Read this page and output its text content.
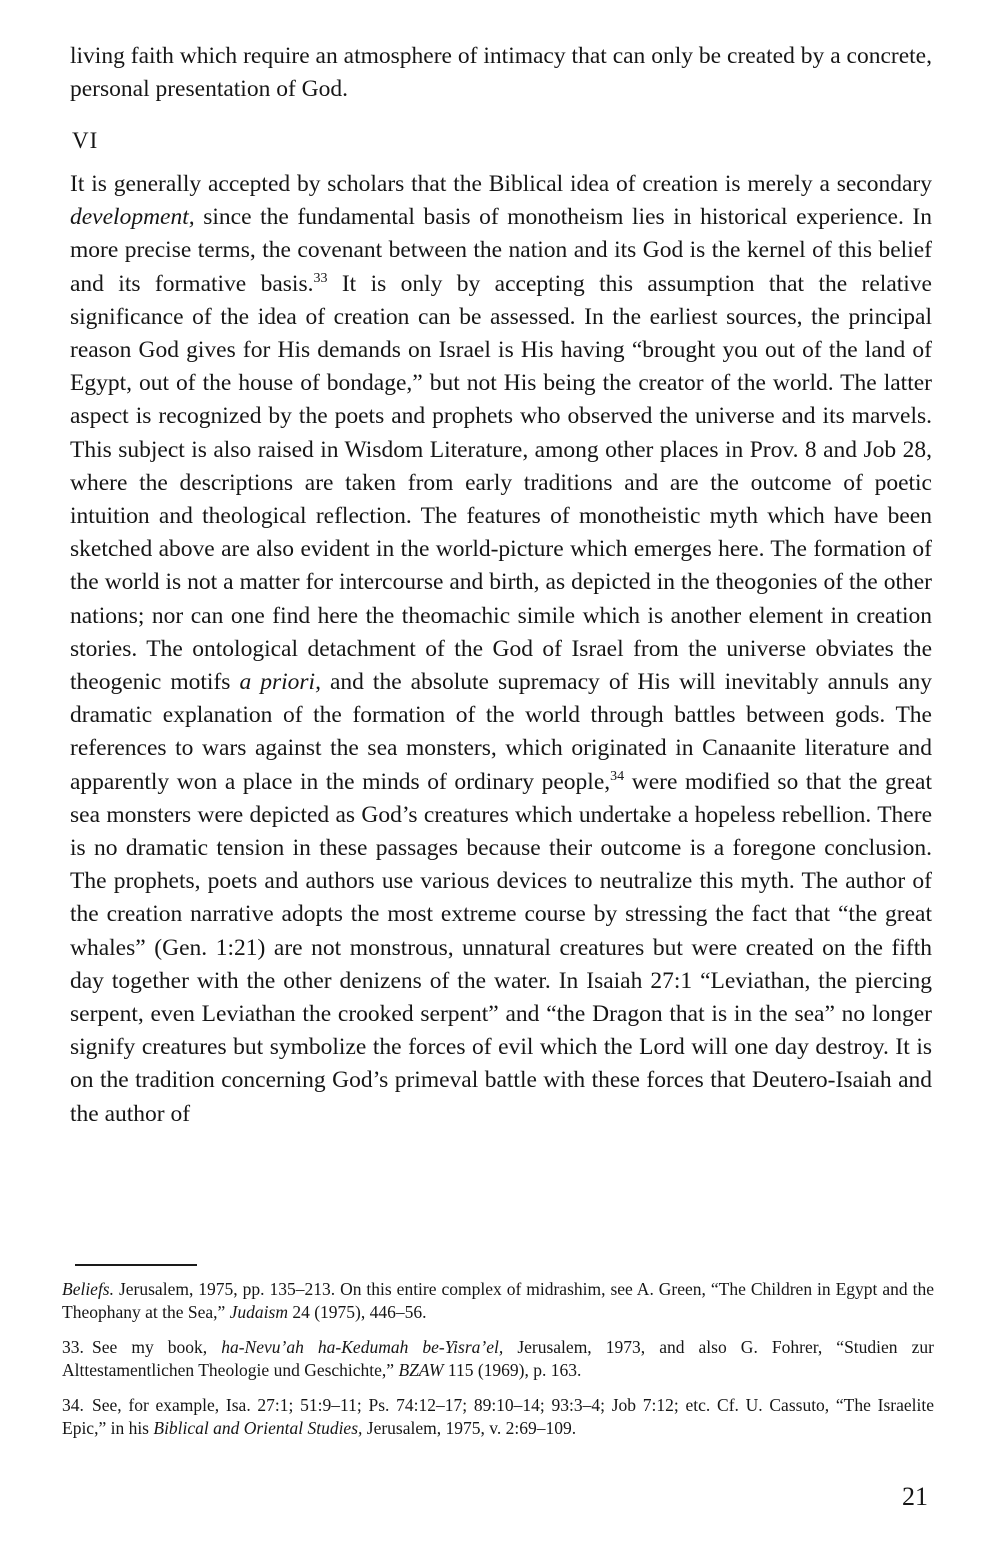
living faith which require an atmosphere of intimacy that can only be created by a concrete, personal presentation of God.
VI
It is generally accepted by scholars that the Biblical idea of creation is merely a secondary development, since the fundamental basis of monotheism lies in historical experience. In more precise terms, the covenant between the nation and its God is the kernel of this belief and its formative basis.$^{33}$ It is only by accepting this assumption that the relative significance of the idea of creation can be assessed. In the earliest sources, the principal reason God gives for His demands on Israel is His having “brought you out of the land of Egypt, out of the house of bondage,” but not His being the creator of the world. The latter aspect is recognized by the poets and prophets who observed the universe and its marvels. This subject is also raised in Wisdom Literature, among other places in Prov. 8 and Job 28, where the descriptions are taken from early traditions and are the outcome of poetic intuition and theological reflection. The features of monotheistic myth which have been sketched above are also evident in the world-picture which emerges here. The formation of the world is not a matter for intercourse and birth, as depicted in the theogonies of the other nations; nor can one find here the theomachic simile which is another element in creation stories. The ontological detachment of the God of Israel from the universe obviates the theogenic motifs a priori, and the absolute supremacy of His will inevitably annuls any dramatic explanation of the formation of the world through battles between gods. The references to wars against the sea monsters, which originated in Canaanite literature and apparently won a place in the minds of ordinary people,$^{34}$ were modified so that the great sea monsters were depicted as God’s creatures which undertake a hopeless rebellion. There is no dramatic tension in these passages because their outcome is a foregone conclusion. The prophets, poets and authors use various devices to neutralize this myth. The author of the creation narrative adopts the most extreme course by stressing the fact that “the great whales” (Gen. 1:21) are not monstrous, unnatural creatures but were created on the fifth day together with the other denizens of the water. In Isaiah 27:1 “Leviathan, the piercing serpent, even Leviathan the crooked serpent” and “the Dragon that is in the sea” no longer signify creatures but symbolize the forces of evil which the Lord will one day destroy. It is on the tradition concerning God’s primeval battle with these forces that Deutero-Isaiah and the author of
Beliefs. Jerusalem, 1975, pp. 135–213. On this entire complex of midrashim, see A. Green, “The Children in Egypt and the Theophany at the Sea,” Judaism 24 (1975), 446–56.
33. See my book, ha-Nevu’ah ha-Kedumah be-Yisra’el, Jerusalem, 1973, and also G. Fohrer, “Studien zur Alttestamentlichen Theologie und Geschichte,” BZAW 115 (1969), p. 163.
34. See, for example, Isa. 27:1; 51:9–11; Ps. 74:12–17; 89:10–14; 93:3–4; Job 7:12; etc. Cf. U. Cassuto, “The Israelite Epic,” in his Biblical and Oriental Studies, Jerusalem, 1975, v. 2:69–109.
21
